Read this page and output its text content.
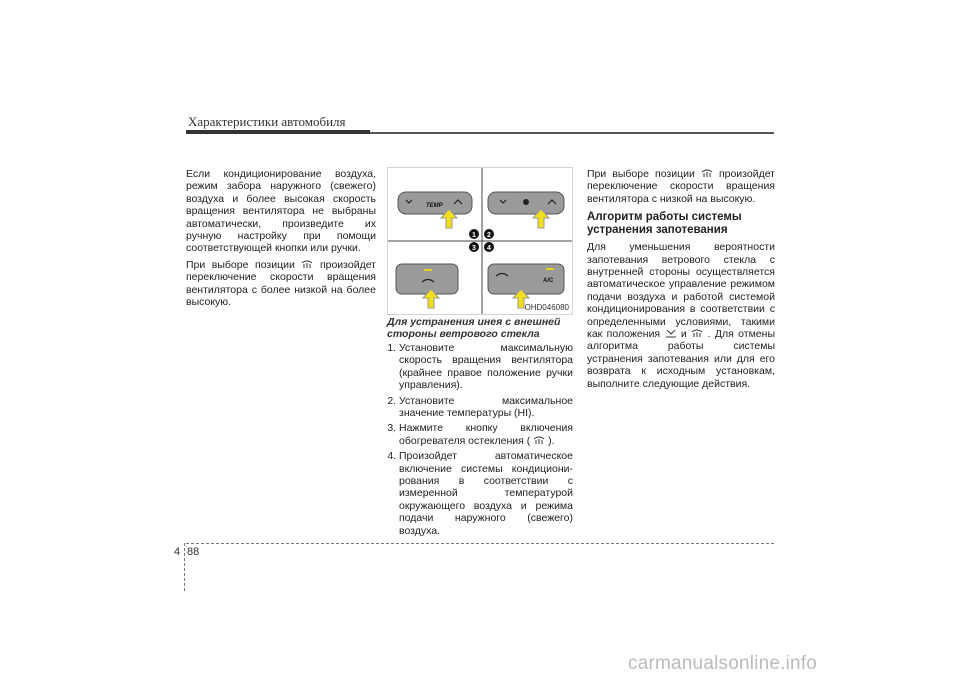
Характеристики автомобиля

Если кондиционирование воздуха, режим забора наружного (свежего) воздуха и более высокая скорость вращения вентилятора не выбраны автоматически, произведите их ручную настройку при помощи соответствующей кнопки или ручки.

При выборе позиции произойдет переключение скорости вращения вентилятора с более низкой на более высокую.

TEMP
1 2
3 4
A/C
OHD046080
Для устранения инея с внешней стороны ветрового стекла
1. Установите максимальную скорость вращения вентилятора (крайнее правое положение ручки управления).
2. Установите максимальное значение температуры (HI).
3. Нажмите кнопку включения обогревателя остекления ( ).
4. Произойдет автоматическое включение системы кондициони-рования в соответствии с измеренной температурой окружающего воздуха и режима подачи наружного (свежего) воздуха.

При выборе позиции произойдет переключение скорости вращения вентилятора с низкой на высокую.

Алгоритм работы системы устранения запотевания

Для уменьшения вероятности запотевания ветрового стекла с внутренней стороны осуществляется автоматическое управление режимом подачи воздуха и работой системой кондиционирования в соответствии с определенными условиями, такими как положения и . Для отмены алгоритма работы системы устранения запотевания или для его возврата к исходным установкам, выполните следующие действия.

4 88
carmanualsonline.info
